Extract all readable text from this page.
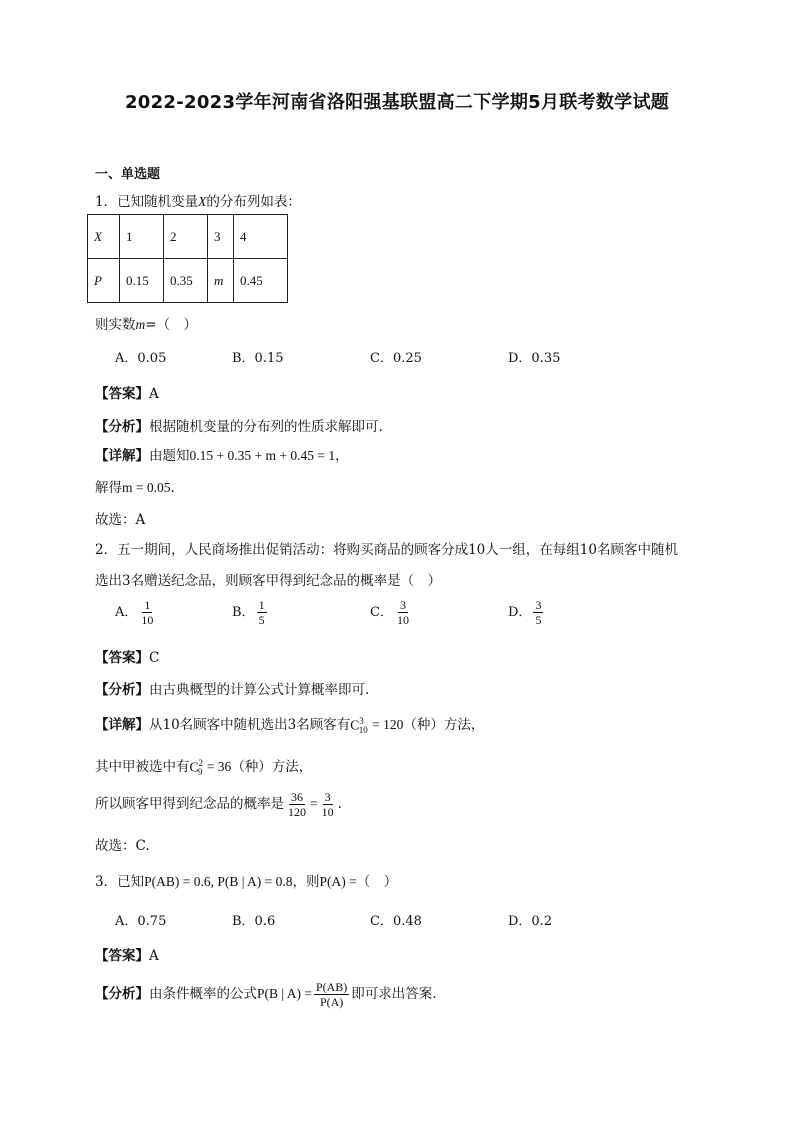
2022-2023学年河南省洛阳强基联盟高二下学期5月联考数学试题
一、单选题
1．已知随机变量X的分布列如表：
X	1	2	3	4
P	0.15	0.35	m	0.45
则实数m=（　）
A．0.05	B．0.15	C．0.25	D．0.35
【答案】A
【分析】根据随机变量的分布列的性质求解即可.
【详解】由题知0.15 + 0.35 + m + 0.45 = 1，
解得m = 0.05.
故选：A
2．五一期间，人民商场推出促销活动：将购买商品的顾客分成10人一组，在每组10名顾客中随机
选出3名赠送纪念品，则顾客甲得到纪念品的概率是（　）
A． $\frac{1}{10}$	B． $\frac{1}{5}$	C． $\frac{3}{10}$	D． $\frac{3}{5}$
【答案】C
【分析】由古典概型的计算公式计算概率即可.
【详解】从10名顾客中随机选出3名顾客有$C^3_{10} = 120$（种）方法，
其中甲被选中有$C^2_9 = 36$（种）方法，
所以顾客甲得到纪念品的概率是 $\frac{36}{120} = \frac{3}{10}$ .
故选：C.
3．已知P(AB) = 0.6, P(B | A) = 0.8，则P(A) =（　）
A．0.75	B．0.6	C．0.48	D．0.2
【答案】A
【分析】由条件概率的公式P(B | $A) = \frac{P(AB)}{P(A)}$ 即可求出答案.
